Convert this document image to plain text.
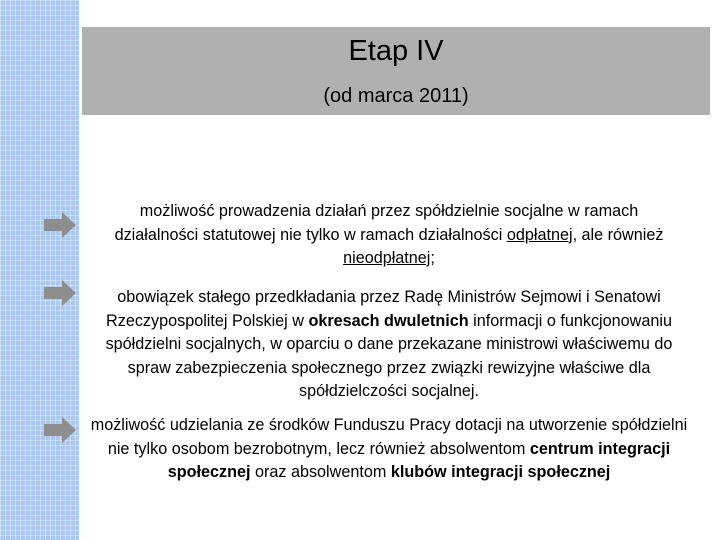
Etap IV
(od marca 2011)
możliwość prowadzenia działań przez spółdzielnie socjalne w ramach działalności statutowej nie tylko w ramach działalności odpłatnej, ale również nieodpłatnej;
obowiązek stałego przedkładania przez Radę Ministrów Sejmowi i Senatowi Rzeczypospolitej Polskiej w okresach dwuletnich informacji o funkcjonowaniu spółdzielni socjalnych, w oparciu o dane przekazane ministrowi właściwemu do spraw zabezpieczenia społecznego przez związki rewizyjne właściwe dla spółdzielczości socjalnej.
możliwość udzielania ze środków Funduszu Pracy dotacji na utworzenie spółdzielni nie tylko osobom bezrobotnym, lecz również absolwentom centrum integracji społecznej oraz absolwentom klubów integracji społecznej
